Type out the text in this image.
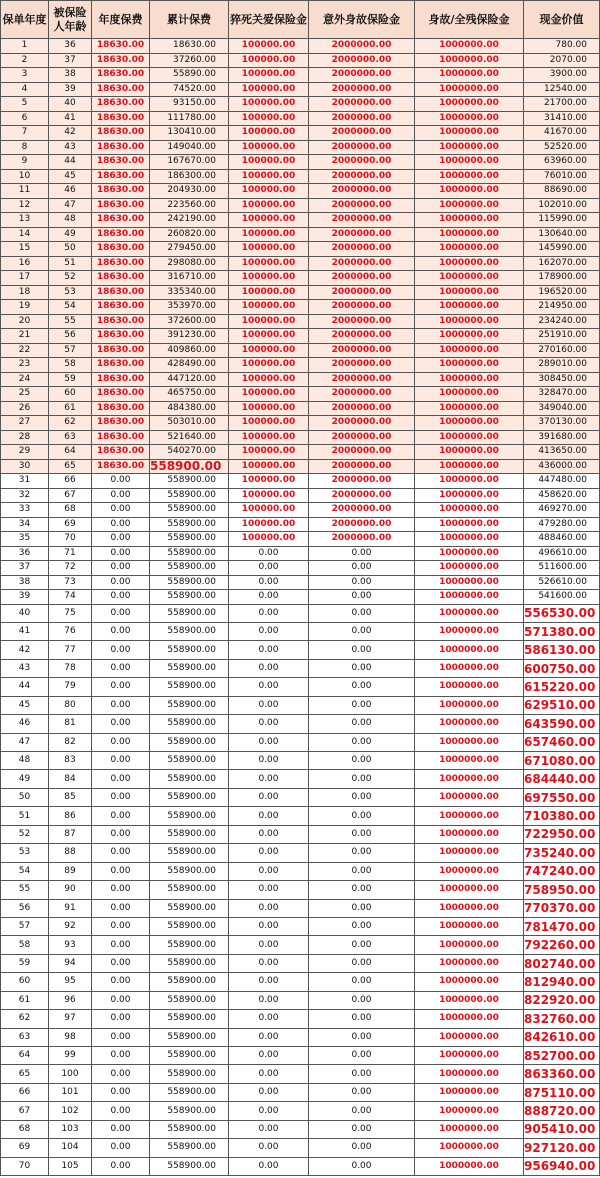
保单年度	被保险
人年龄	年度保费	累计保费	猝死关爱保险金	意外身故保险金	身故/全残保险金	现金价值
1	36	18630.00	18630.00	100000.00	2000000.00	1000000.00	780.00
2	37	18630.00	37260.00	100000.00	2000000.00	1000000.00	2070.00
3	38	18630.00	55890.00	100000.00	2000000.00	1000000.00	3900.00
4	39	18630.00	74520.00	100000.00	2000000.00	1000000.00	12540.00
5	40	18630.00	93150.00	100000.00	2000000.00	1000000.00	21700.00
6	41	18630.00	111780.00	100000.00	2000000.00	1000000.00	31410.00
7	42	18630.00	130410.00	100000.00	2000000.00	1000000.00	41670.00
8	43	18630.00	149040.00	100000.00	2000000.00	1000000.00	52520.00
9	44	18630.00	167670.00	100000.00	2000000.00	1000000.00	63960.00
10	45	18630.00	186300.00	100000.00	2000000.00	1000000.00	76010.00
11	46	18630.00	204930.00	100000.00	2000000.00	1000000.00	88690.00
12	47	18630.00	223560.00	100000.00	2000000.00	1000000.00	102010.00
13	48	18630.00	242190.00	100000.00	2000000.00	1000000.00	115990.00
14	49	18630.00	260820.00	100000.00	2000000.00	1000000.00	130640.00
15	50	18630.00	279450.00	100000.00	2000000.00	1000000.00	145990.00
16	51	18630.00	298080.00	100000.00	2000000.00	1000000.00	162070.00
17	52	18630.00	316710.00	100000.00	2000000.00	1000000.00	178900.00
18	53	18630.00	335340.00	100000.00	2000000.00	1000000.00	196520.00
19	54	18630.00	353970.00	100000.00	2000000.00	1000000.00	214950.00
20	55	18630.00	372600.00	100000.00	2000000.00	1000000.00	234240.00
21	56	18630.00	391230.00	100000.00	2000000.00	1000000.00	251910.00
22	57	18630.00	409860.00	100000.00	2000000.00	1000000.00	270160.00
23	58	18630.00	428490.00	100000.00	2000000.00	1000000.00	289010.00
24	59	18630.00	447120.00	100000.00	2000000.00	1000000.00	308450.00
25	60	18630.00	465750.00	100000.00	2000000.00	1000000.00	328470.00
26	61	18630.00	484380.00	100000.00	2000000.00	1000000.00	349040.00
27	62	18630.00	503010.00	100000.00	2000000.00	1000000.00	370130.00
28	63	18630.00	521640.00	100000.00	2000000.00	1000000.00	391680.00
29	64	18630.00	540270.00	100000.00	2000000.00	1000000.00	413650.00
30	65	18630.00	558900.00	100000.00	2000000.00	1000000.00	436000.00
31	66	0.00	558900.00	100000.00	2000000.00	1000000.00	447480.00
32	67	0.00	558900.00	100000.00	2000000.00	1000000.00	458620.00
33	68	0.00	558900.00	100000.00	2000000.00	1000000.00	469270.00
34	69	0.00	558900.00	100000.00	2000000.00	1000000.00	479280.00
35	70	0.00	558900.00	100000.00	2000000.00	1000000.00	488460.00
36	71	0.00	558900.00	0.00	0.00	1000000.00	496610.00
37	72	0.00	558900.00	0.00	0.00	1000000.00	511600.00
38	73	0.00	558900.00	0.00	0.00	1000000.00	526610.00
39	74	0.00	558900.00	0.00	0.00	1000000.00	541600.00
40	75	0.00	558900.00	0.00	0.00	1000000.00	556530.00
41	76	0.00	558900.00	0.00	0.00	1000000.00	571380.00
42	77	0.00	558900.00	0.00	0.00	1000000.00	586130.00
43	78	0.00	558900.00	0.00	0.00	1000000.00	600750.00
44	79	0.00	558900.00	0.00	0.00	1000000.00	615220.00
45	80	0.00	558900.00	0.00	0.00	1000000.00	629510.00
46	81	0.00	558900.00	0.00	0.00	1000000.00	643590.00
47	82	0.00	558900.00	0.00	0.00	1000000.00	657460.00
48	83	0.00	558900.00	0.00	0.00	1000000.00	671080.00
49	84	0.00	558900.00	0.00	0.00	1000000.00	684440.00
50	85	0.00	558900.00	0.00	0.00	1000000.00	697550.00
51	86	0.00	558900.00	0.00	0.00	1000000.00	710380.00
52	87	0.00	558900.00	0.00	0.00	1000000.00	722950.00
53	88	0.00	558900.00	0.00	0.00	1000000.00	735240.00
54	89	0.00	558900.00	0.00	0.00	1000000.00	747240.00
55	90	0.00	558900.00	0.00	0.00	1000000.00	758950.00
56	91	0.00	558900.00	0.00	0.00	1000000.00	770370.00
57	92	0.00	558900.00	0.00	0.00	1000000.00	781470.00
58	93	0.00	558900.00	0.00	0.00	1000000.00	792260.00
59	94	0.00	558900.00	0.00	0.00	1000000.00	802740.00
60	95	0.00	558900.00	0.00	0.00	1000000.00	812940.00
61	96	0.00	558900.00	0.00	0.00	1000000.00	822920.00
62	97	0.00	558900.00	0.00	0.00	1000000.00	832760.00
63	98	0.00	558900.00	0.00	0.00	1000000.00	842610.00
64	99	0.00	558900.00	0.00	0.00	1000000.00	852700.00
65	100	0.00	558900.00	0.00	0.00	1000000.00	863360.00
66	101	0.00	558900.00	0.00	0.00	1000000.00	875110.00
67	102	0.00	558900.00	0.00	0.00	1000000.00	888720.00
68	103	0.00	558900.00	0.00	0.00	1000000.00	905410.00
69	104	0.00	558900.00	0.00	0.00	1000000.00	927120.00
70	105	0.00	558900.00	0.00	0.00	1000000.00	956940.00
